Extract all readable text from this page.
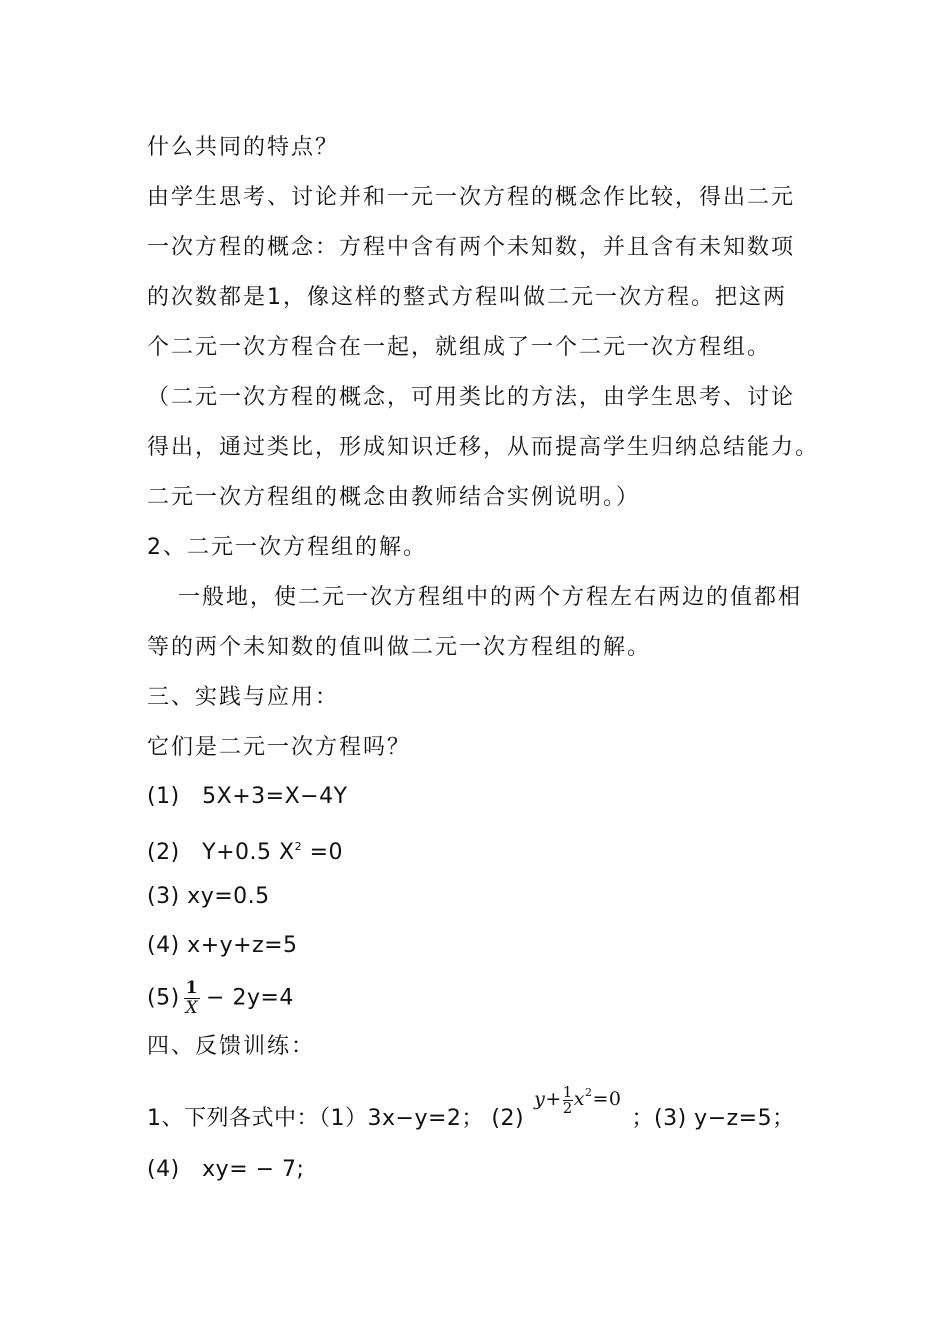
什么共同的特点？
由学生思考、讨论并和一元一次方程的概念作比较，得出二元
一次方程的概念：方程中含有两个未知数，并且含有未知数项
的次数都是1，像这样的整式方程叫做二元一次方程。把这两
个二元一次方程合在一起，就组成了一个二元一次方程组。
（二元一次方程的概念，可用类比的方法，由学生思考、讨论
得出，通过类比，形成知识迁移，从而提高学生归纳总结能力。
二元一次方程组的概念由教师结合实例说明。）
2、二元一次方程组的解。
一般地，使二元一次方程组中的两个方程左右两边的值都相
等的两个未知数的值叫做二元一次方程组的解。
三、实践与应用：
它们是二元一次方程吗？
(1) 5X+3=X−4Y
(2) Y+0.5 $X^2 =0$
(3) xy=0.5
(4) x+y+z=5
$(5) \frac{1}{X} - 2y=4$
四、反馈训练：
1、下列各式中：（1）3x−y=2； $(2)y+ \frac{1}{2} x^2=0$；(3) y−z=5；
(4) xy= − 7;
